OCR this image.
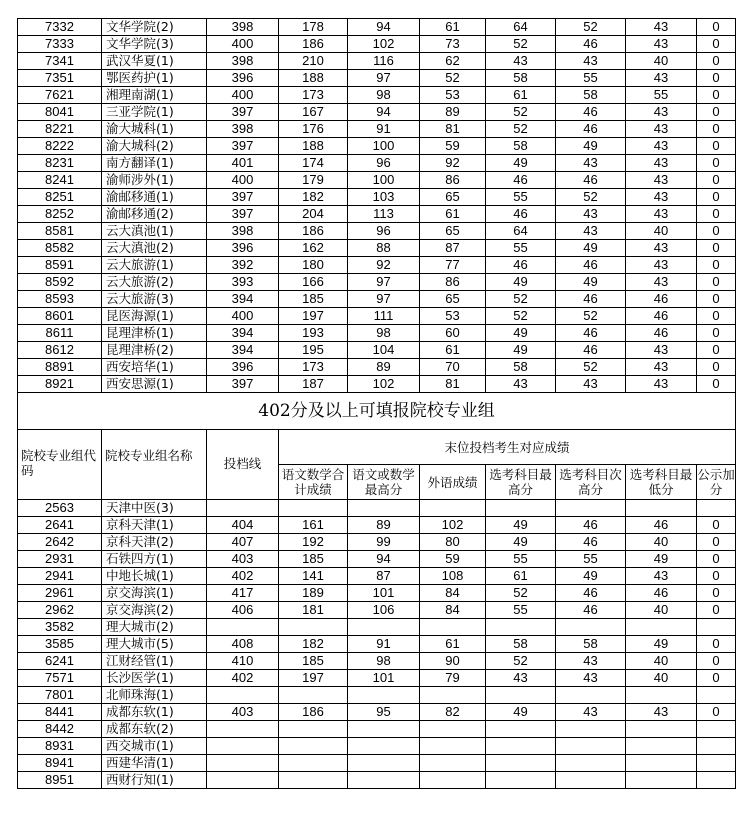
7332	文华学院(2)	398	178	94	61	64	52	43	0
7333	文华学院(3)	400	186	102	73	52	46	43	0
7341	武汉华夏(1)	398	210	116	62	43	43	40	0
7351	鄂医药护(1)	396	188	97	52	58	55	43	0
7621	湘理南湖(1)	400	173	98	53	61	58	55	0
8041	三亚学院(1)	397	167	94	89	52	46	43	0
8221	渝大城科(1)	398	176	91	81	52	46	43	0
8222	渝大城科(2)	397	188	100	59	58	49	43	0
8231	南方翻译(1)	401	174	96	92	49	43	43	0
8241	渝师涉外(1)	400	179	100	86	46	46	43	0
8251	渝邮移通(1)	397	182	103	65	55	52	43	0
8252	渝邮移通(2)	397	204	113	61	46	43	43	0
8581	云大滇池(1)	398	186	96	65	64	43	40	0
8582	云大滇池(2)	396	162	88	87	55	49	43	0
8591	云大旅游(1)	392	180	92	77	46	46	43	0
8592	云大旅游(2)	393	166	97	86	49	49	43	0
8593	云大旅游(3)	394	185	97	65	52	46	46	0
8601	昆医海源(1)	400	197	111	53	52	52	46	0
8611	昆理津桥(1)	394	193	98	60	49	46	46	0
8612	昆理津桥(2)	394	195	104	61	49	46	43	0
8891	西安培华(1)	396	173	89	70	58	52	43	0
8921	西安思源(1)	397	187	102	81	43	43	43	0
402分及以上可填报院校专业组									
院校专业组代码	院校专业组名称	投档线	末位投档考生对应成绩						
			语文数学合计成绩	语文或数学最高分	外语成绩	选考科目最高分	选考科目次高分	选考科目最低分	公示加分
2563	天津中医(3)								
2641	京科天津(1)	404	161	89	102	49	46	46	0
2642	京科天津(2)	407	192	99	80	49	46	40	0
2931	石铁四方(1)	403	185	94	59	55	55	49	0
2941	中地长城(1)	402	141	87	108	61	49	43	0
2961	京交海滨(1)	417	189	101	84	52	46	46	0
2962	京交海滨(2)	406	181	106	84	55	46	40	0
3582	理大城市(2)								
3585	理大城市(5)	408	182	91	61	58	58	49	0
6241	江财经管(1)	410	185	98	90	52	43	40	0
7571	长沙医学(1)	402	197	101	79	43	43	40	0
7801	北师珠海(1)								
8441	成都东软(1)	403	186	95	82	49	43	43	0
8442	成都东软(2)								
8931	西交城市(1)								
8941	西建华清(1)								
8951	西财行知(1)								
